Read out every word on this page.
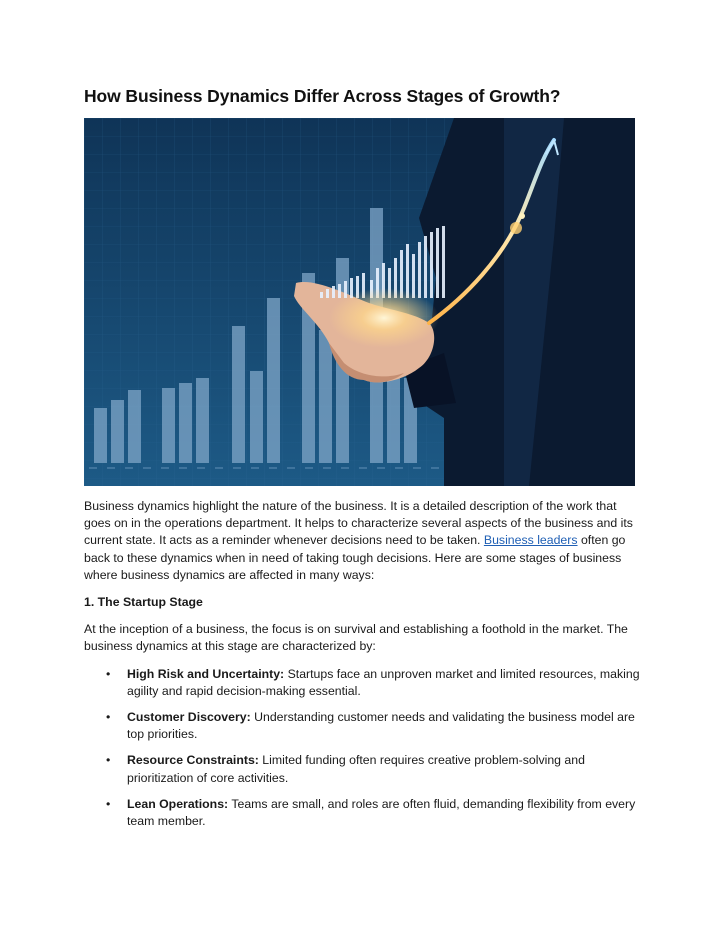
How Business Dynamics Differ Across Stages of Growth?

Business dynamics highlight the nature of the business. It is a detailed description of the work that goes on in the operations department. It helps to characterize several aspects of the business and its current state. It acts as a reminder whenever decisions need to be taken. Business leaders often go back to these dynamics when in need of taking tough decisions. Here are some stages of business where business dynamics are affected in many ways:

1. The Startup Stage

At the inception of a business, the focus is on survival and establishing a foothold in the market. The business dynamics at this stage are characterized by:

• High Risk and Uncertainty: Startups face an unproven market and limited resources, making agility and rapid decision-making essential.
• Customer Discovery: Understanding customer needs and validating the business model are top priorities.
• Resource Constraints: Limited funding often requires creative problem-solving and prioritization of core activities.
• Lean Operations: Teams are small, and roles are often fluid, demanding flexibility from every team member.
